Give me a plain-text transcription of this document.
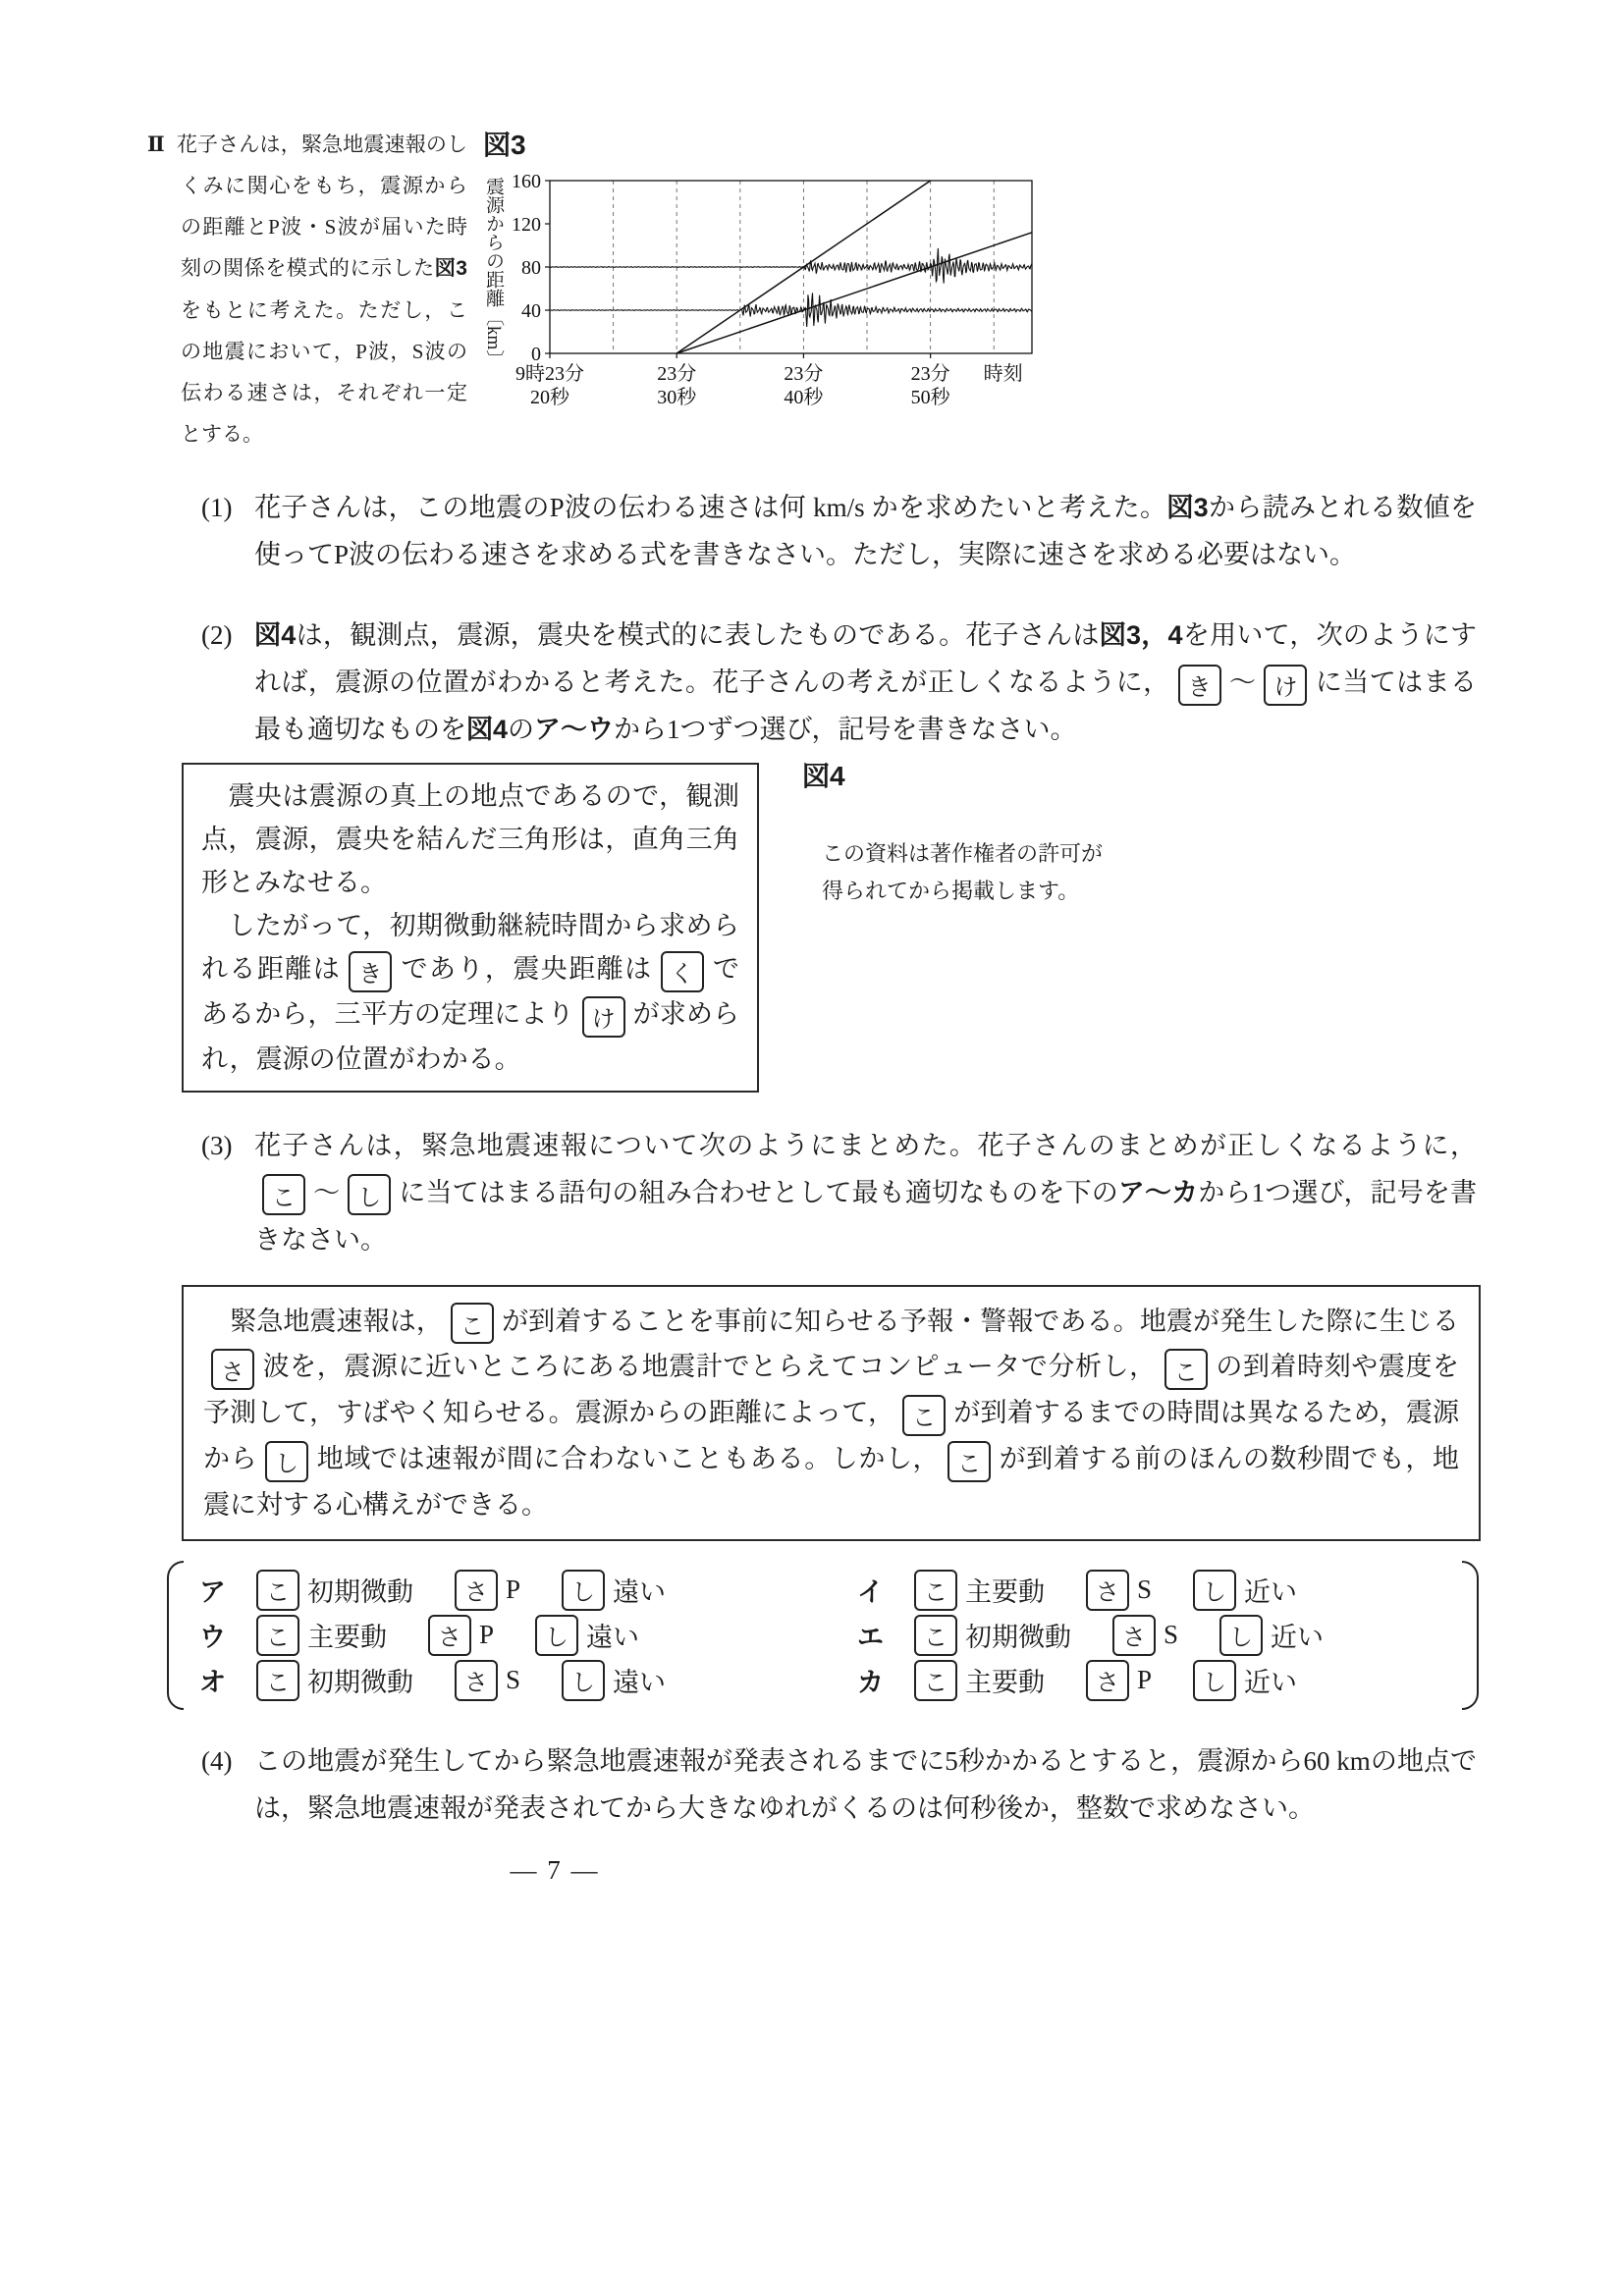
Ⅱ 花子さんは，緊急地震速報のしくみに関心をもち，震源からの距離とP波・S波が届いた時刻の関係を模式的に示した図3をもとに考えた。ただし，この地震において，P波，S波の伝わる速さは，それぞれ一定とする。
図3
震源からの距離〔km〕 0
40
80
120
160
9時23分
20秒
23分
30秒
23分
40秒
23分
50秒
時刻
(1) 花子さんは，この地震のP波の伝わる速さは何 km/s かを求めたいと考えた。図3から読みとれる数値を使ってP波の伝わる速さを求める式を書きなさい。ただし，実際に速さを求める必要はない。
(2) 図4は，観測点，震源，震央を模式的に表したものである。花子さんは図3，4を用いて，次のようにすれば，震源の位置がわかると考えた。花子さんの考えが正しくなるように， き ～ け に当てはまる最も適切なものを図4のア～ウから1つずつ選び，記号を書きなさい。
　震央は震源の真上の地点であるので，観測点，震源，震央を結んだ三角形は，直角三角形とみなせる。
　したがって，初期微動継続時間から求められる距離は き であり，震央距離は く であるから，三平方の定理により け が求められ，震源の位置がわかる。
図4
この資料は著作権者の許可が
得られてから掲載します。
(3) 花子さんは，緊急地震速報について次のようにまとめた。花子さんのまとめが正しくなるように，こ ～ し に当てはまる語句の組み合わせとして最も適切なものを下のア～カから1つ選び，記号を書きなさい。
　緊急地震速報は， こ が到着することを事前に知らせる予報・警報である。地震が発生した際に生じるさ 波を，震源に近いところにある地震計でとらえてコンピュータで分析し， こ の到着時刻や震度を予測して，すばやく知らせる。震源からの距離によって， こ が到着するまでの時間は異なるため，震源から し 地域では速報が間に合わないこともある。しかし， こ が到着する前のほんの数秒間でも，地震に対する心構えができる。
ア	こ 初期微動	さ P	し 遠い	イ	こ 主要動	さ S	し 近い
ウ	こ 主要動	さ P	し 遠い	エ	こ 初期微動	さ S	し 近い
オ	こ 初期微動	さ S	し 遠い	カ	こ 主要動	さ P	し 近い
(4) この地震が発生してから緊急地震速報が発表されるまでに5秒かかるとすると，震源から60 kmの地点では，緊急地震速報が発表されてから大きなゆれがくるのは何秒後か，整数で求めなさい。
— 7 —
